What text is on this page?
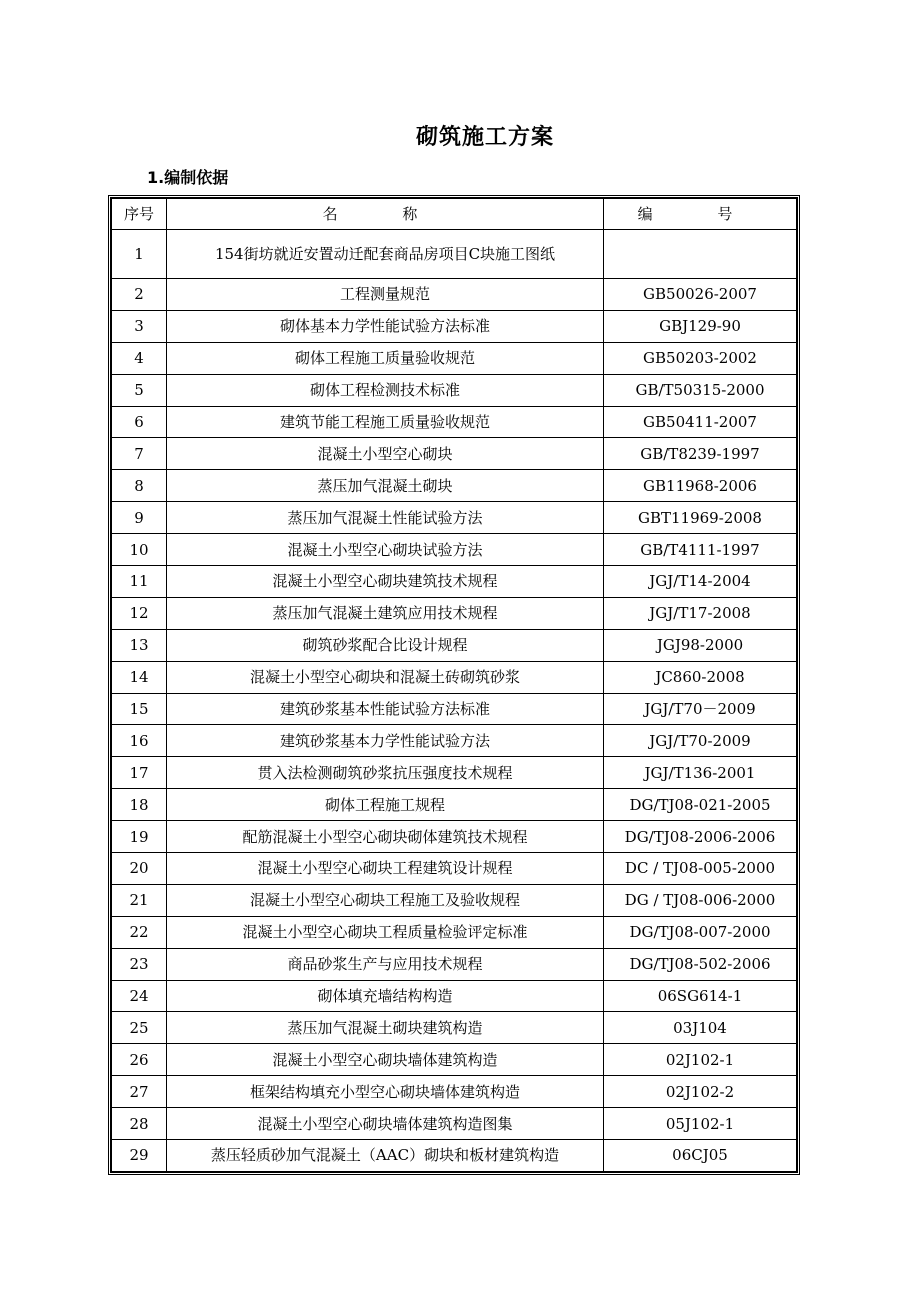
砌筑施工方案
1.编制依据
序号	名 称	编 号
1	154街坊就近安置动迁配套商品房项目C块施工图纸	
2	工程测量规范	GB50026-2007
3	砌体基本力学性能试验方法标准	GBJ129-90
4	砌体工程施工质量验收规范	GB50203-2002
5	砌体工程检测技术标准	GB/T50315-2000
6	建筑节能工程施工质量验收规范	GB50411-2007
7	混凝土小型空心砌块	GB/T8239-1997
8	蒸压加气混凝土砌块	GB11968-2006
9	蒸压加气混凝土性能试验方法	GBT11969-2008
10	混凝土小型空心砌块试验方法	GB/T4111-1997
11	混凝土小型空心砌块建筑技术规程	JGJ/T14-2004
12	蒸压加气混凝土建筑应用技术规程	JGJ/T17-2008
13	砌筑砂浆配合比设计规程	JGJ98-2000
14	混凝土小型空心砌块和混凝土砖砌筑砂浆	JC860-2008
15	建筑砂浆基本性能试验方法标准	JGJ/T70－2009
16	建筑砂浆基本力学性能试验方法	JGJ/T70-2009
17	贯入法检测砌筑砂浆抗压强度技术规程	JGJ/T136-2001
18	砌体工程施工规程	DG/TJ08-021-2005
19	配筋混凝土小型空心砌块砌体建筑技术规程	DG/TJ08-2006-2006
20	混凝土小型空心砌块工程建筑设计规程	DC / TJ08-005-2000
21	混凝土小型空心砌块工程施工及验收规程	DG / TJ08-006-2000
22	混凝土小型空心砌块工程质量检验评定标准	DG/TJ08-007-2000
23	商品砂浆生产与应用技术规程	DG/TJ08-502-2006
24	砌体填充墙结构构造	06SG614-1
25	蒸压加气混凝土砌块建筑构造	03J104
26	混凝土小型空心砌块墙体建筑构造	02J102-1
27	框架结构填充小型空心砌块墙体建筑构造	02J102-2
28	混凝土小型空心砌块墙体建筑构造图集	05J102-1
29	蒸压轻质砂加气混凝土（AAC）砌块和板材建筑构造	06CJ05
